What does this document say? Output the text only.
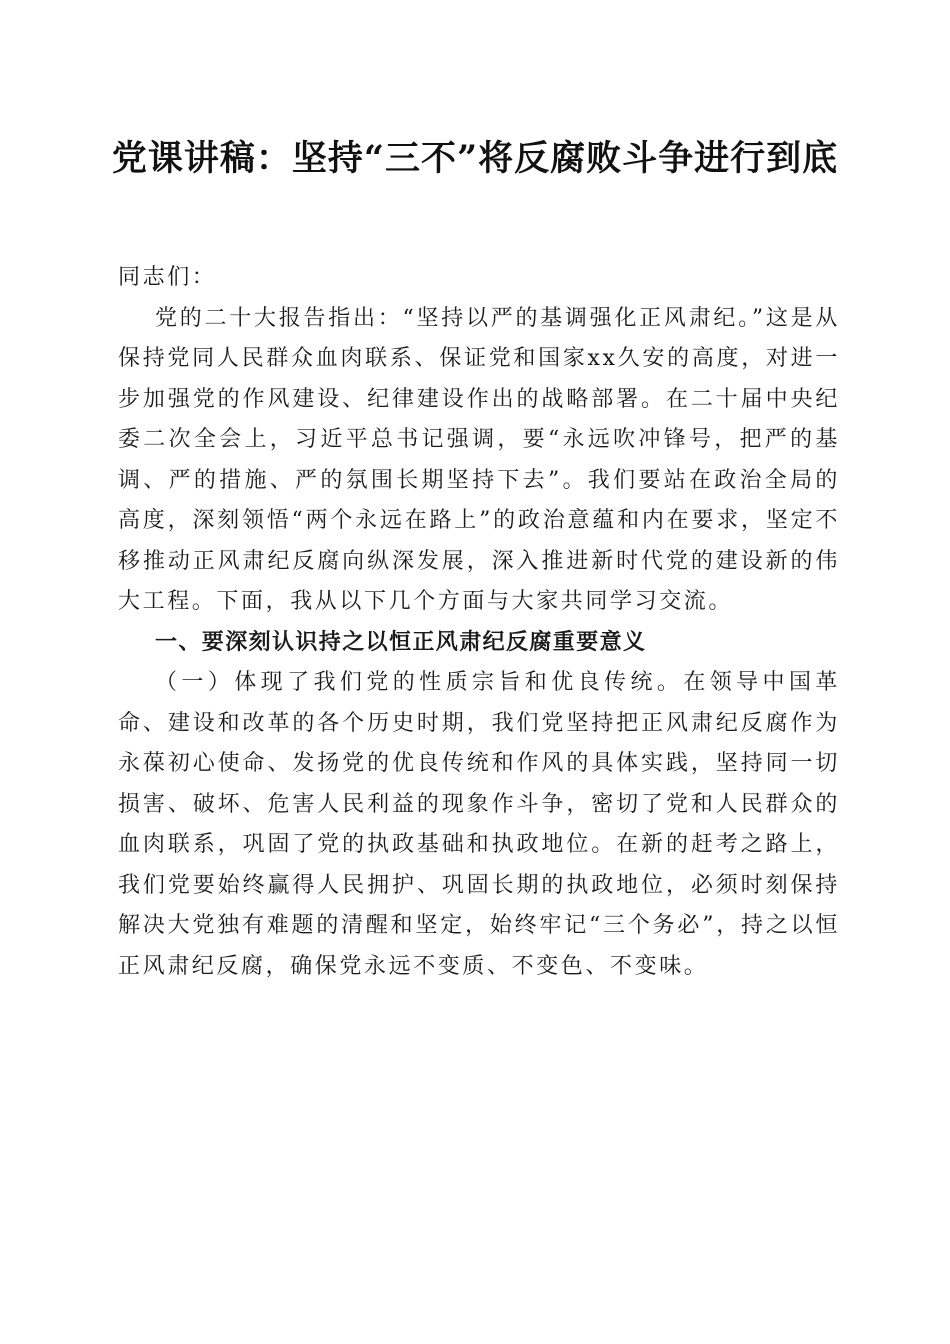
党课讲稿：坚持“三不”将反腐败斗争进行到底

同志们：

党的二十大报告指出：“坚持以严的基调强化正风肃纪。”这是从保持党同人民群众血肉联系、保证党和国家xx久安的高度，对进一步加强党的作风建设、纪律建设作出的战略部署。在二十届中央纪委二次全会上，习近平总书记强调，要“永远吹冲锋号，把严的基调、严的措施、严的氛围长期坚持下去”。我们要站在政治全局的高度，深刻领悟“两个永远在路上”的政治意蕴和内在要求，坚定不移推动正风肃纪反腐向纵深发展，深入推进新时代党的建设新的伟大工程。下面，我从以下几个方面与大家共同学习交流。

一、要深刻认识持之以恒正风肃纪反腐重要意义

（一）体现了我们党的性质宗旨和优良传统。在领导中国革命、建设和改革的各个历史时期，我们党坚持把正风肃纪反腐作为永葆初心使命、发扬党的优良传统和作风的具体实践，坚持同一切损害、破坏、危害人民利益的现象作斗争，密切了党和人民群众的血肉联系，巩固了党的执政基础和执政地位。在新的赶考之路上，我们党要始终赢得人民拥护、巩固长期的执政地位，必须时刻保持解决大党独有难题的清醒和坚定，始终牢记“三个务必”，持之以恒正风肃纪反腐，确保党永远不变质、不变色、不变味。
